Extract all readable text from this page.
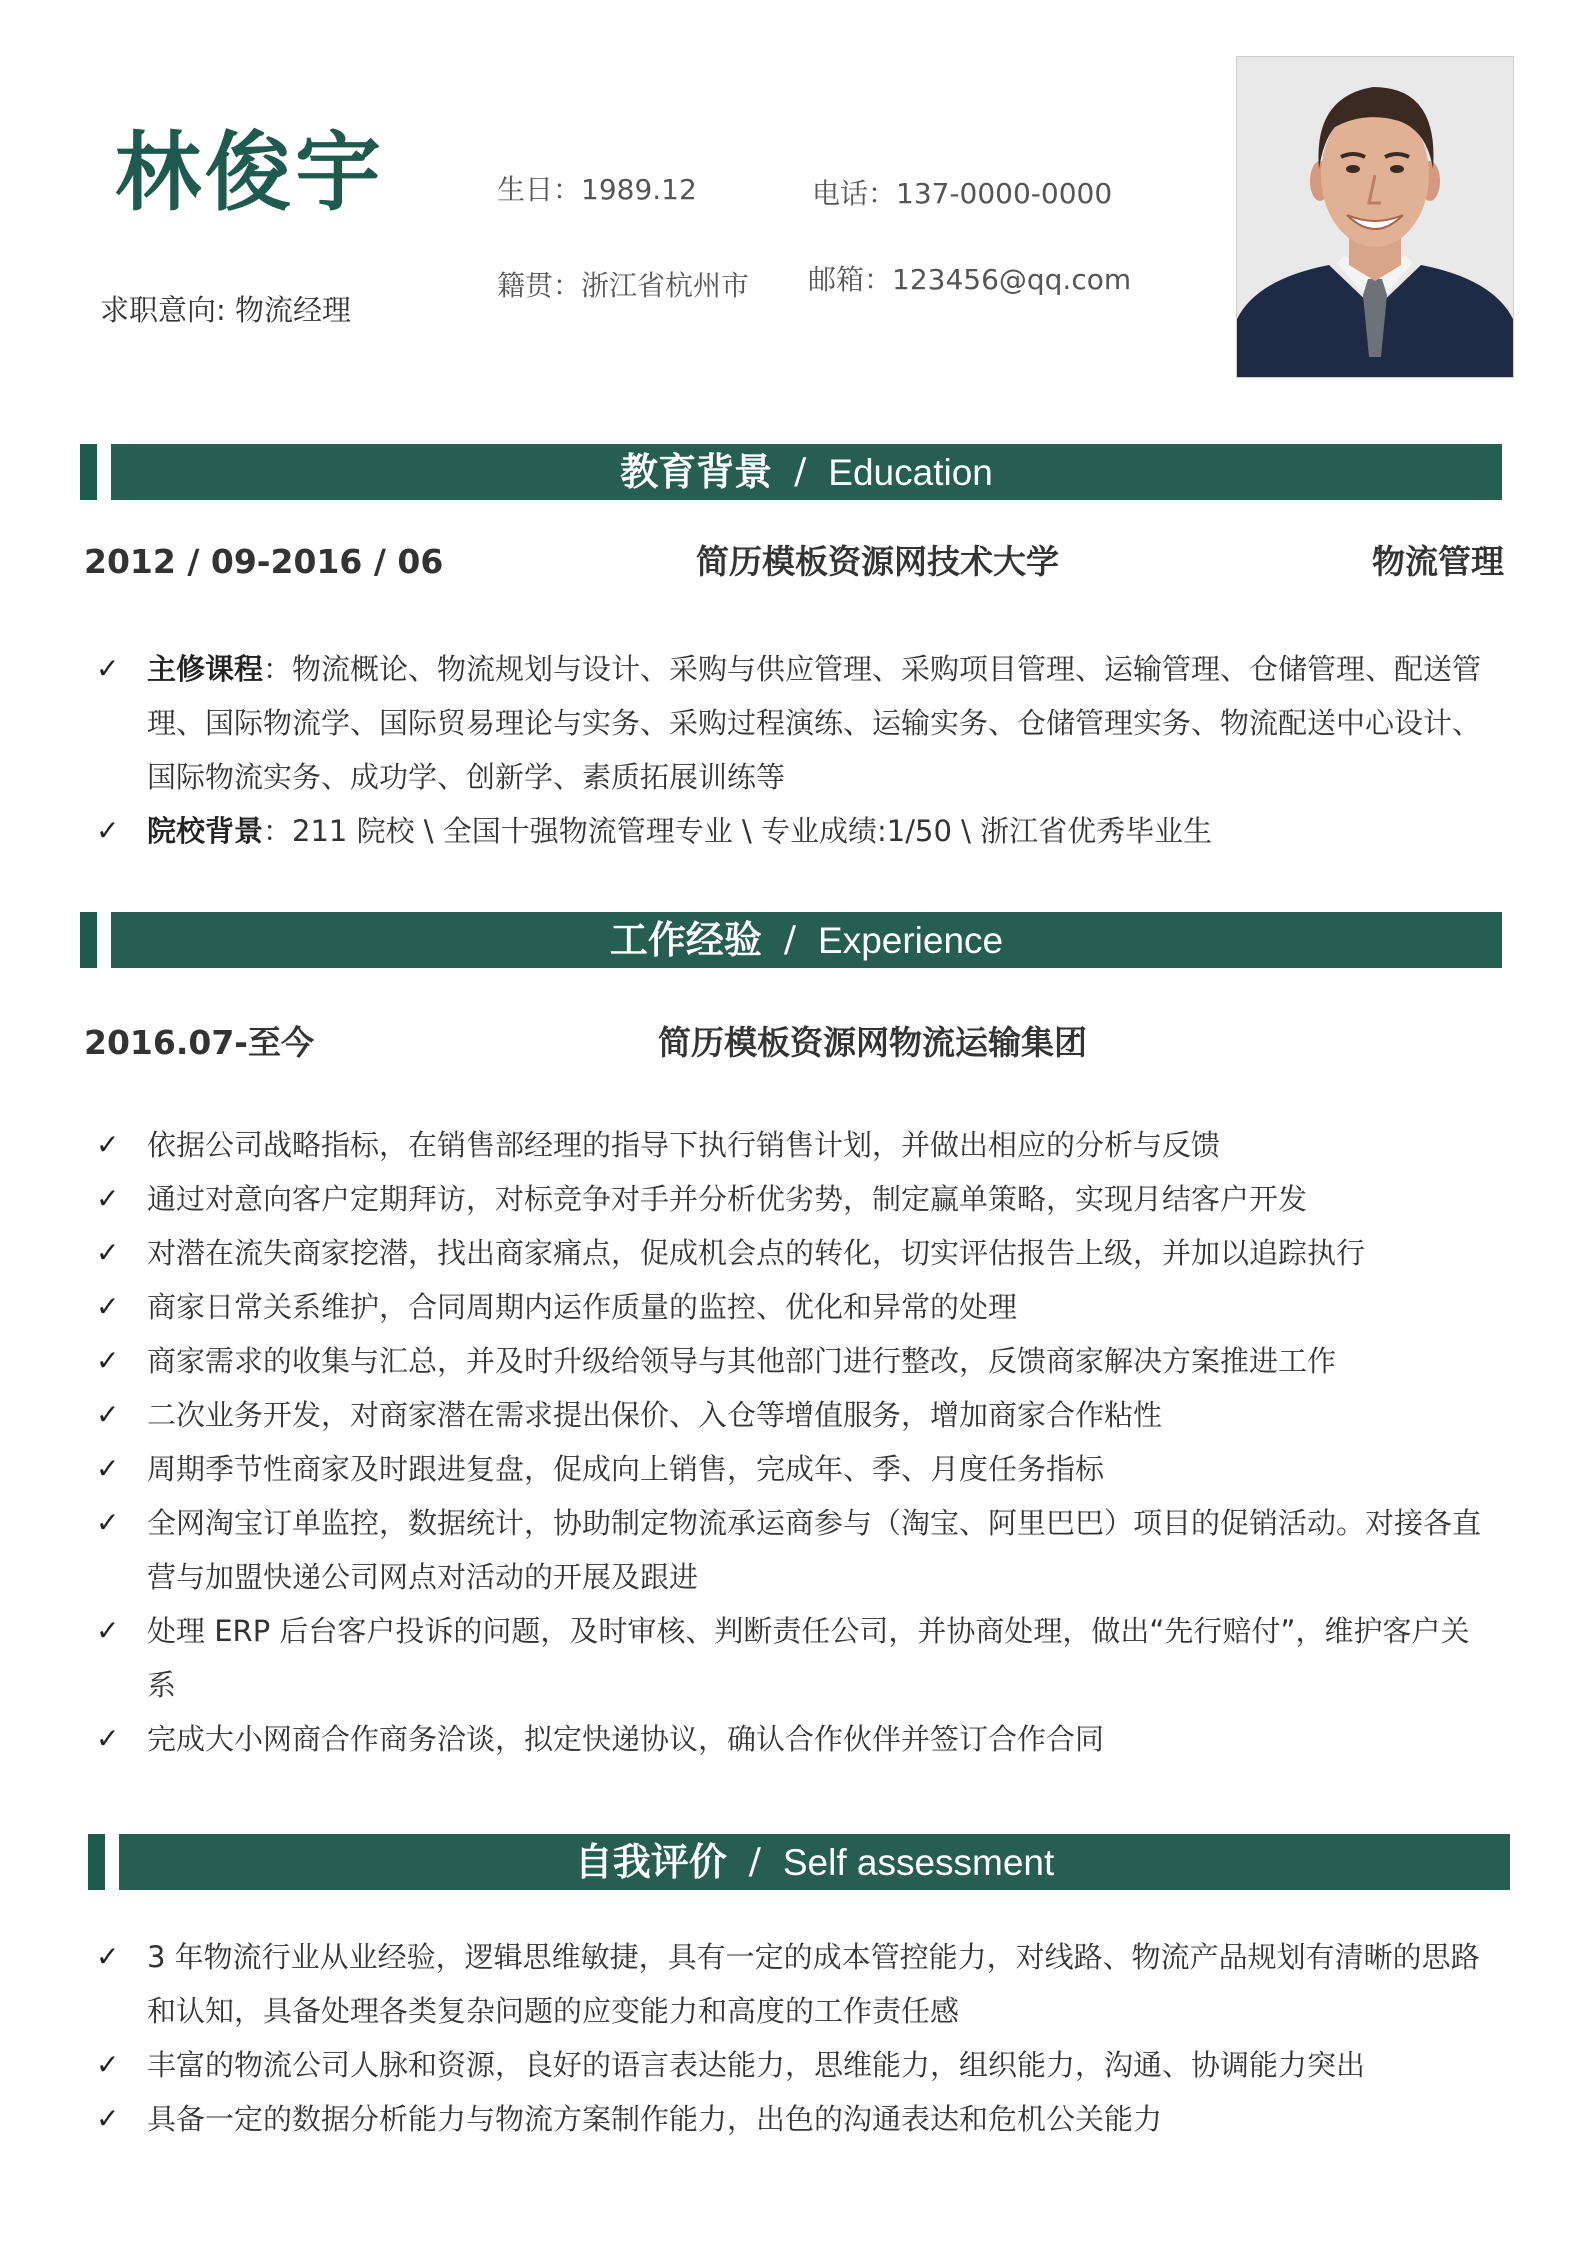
林俊宇
求职意向: 物流经理
生日：1989.12	电话：137-0000-0000
籍贯：浙江省杭州市 邮箱：123456@qq.com
教育背景 / Education
2012 / 09-2016 / 06	简历模板资源网技术大学	物流管理
✓ 主修课程：物流概论、物流规划与设计、采购与供应管理、采购项目管理、运输管理、仓储管理、配送管理、国际物流学、国际贸易理论与实务、采购过程演练、运输实务、仓储管理实务、物流配送中心设计、国际物流实务、成功学、创新学、素质拓展训练等
✓ 院校背景：211 院校 \ 全国十强物流管理专业 \ 专业成绩:1/50 \ 浙江省优秀毕业生
工作经验 / Experience
2016.07-至今	简历模板资源网物流运输集团
✓ 依据公司战略指标，在销售部经理的指导下执行销售计划，并做出相应的分析与反馈
✓ 通过对意向客户定期拜访，对标竞争对手并分析优劣势，制定赢单策略，实现月结客户开发
✓ 对潜在流失商家挖潜，找出商家痛点，促成机会点的转化，切实评估报告上级，并加以追踪执行
✓ 商家日常关系维护，合同周期内运作质量的监控、优化和异常的处理
✓ 商家需求的收集与汇总，并及时升级给领导与其他部门进行整改，反馈商家解决方案推进工作
✓ 二次业务开发，对商家潜在需求提出保价、入仓等增值服务，增加商家合作粘性
✓ 周期季节性商家及时跟进复盘，促成向上销售，完成年、季、月度任务指标
✓ 全网淘宝订单监控，数据统计，协助制定物流承运商参与（淘宝、阿里巴巴）项目的促销活动。对接各直营与加盟快递公司网点对活动的开展及跟进
✓ 处理 ERP 后台客户投诉的问题，及时审核、判断责任公司，并协商处理，做出“先行赔付”，维护客户关系
✓ 完成大小网商合作商务洽谈，拟定快递协议，确认合作伙伴并签订合作合同
自我评价 / Self assessment
✓ 3 年物流行业从业经验，逻辑思维敏捷，具有一定的成本管控能力，对线路、物流产品规划有清晰的思路和认知，具备处理各类复杂问题的应变能力和高度的工作责任感
✓ 丰富的物流公司人脉和资源，良好的语言表达能力，思维能力，组织能力，沟通、协调能力突出
✓ 具备一定的数据分析能力与物流方案制作能力，出色的沟通表达和危机公关能力
